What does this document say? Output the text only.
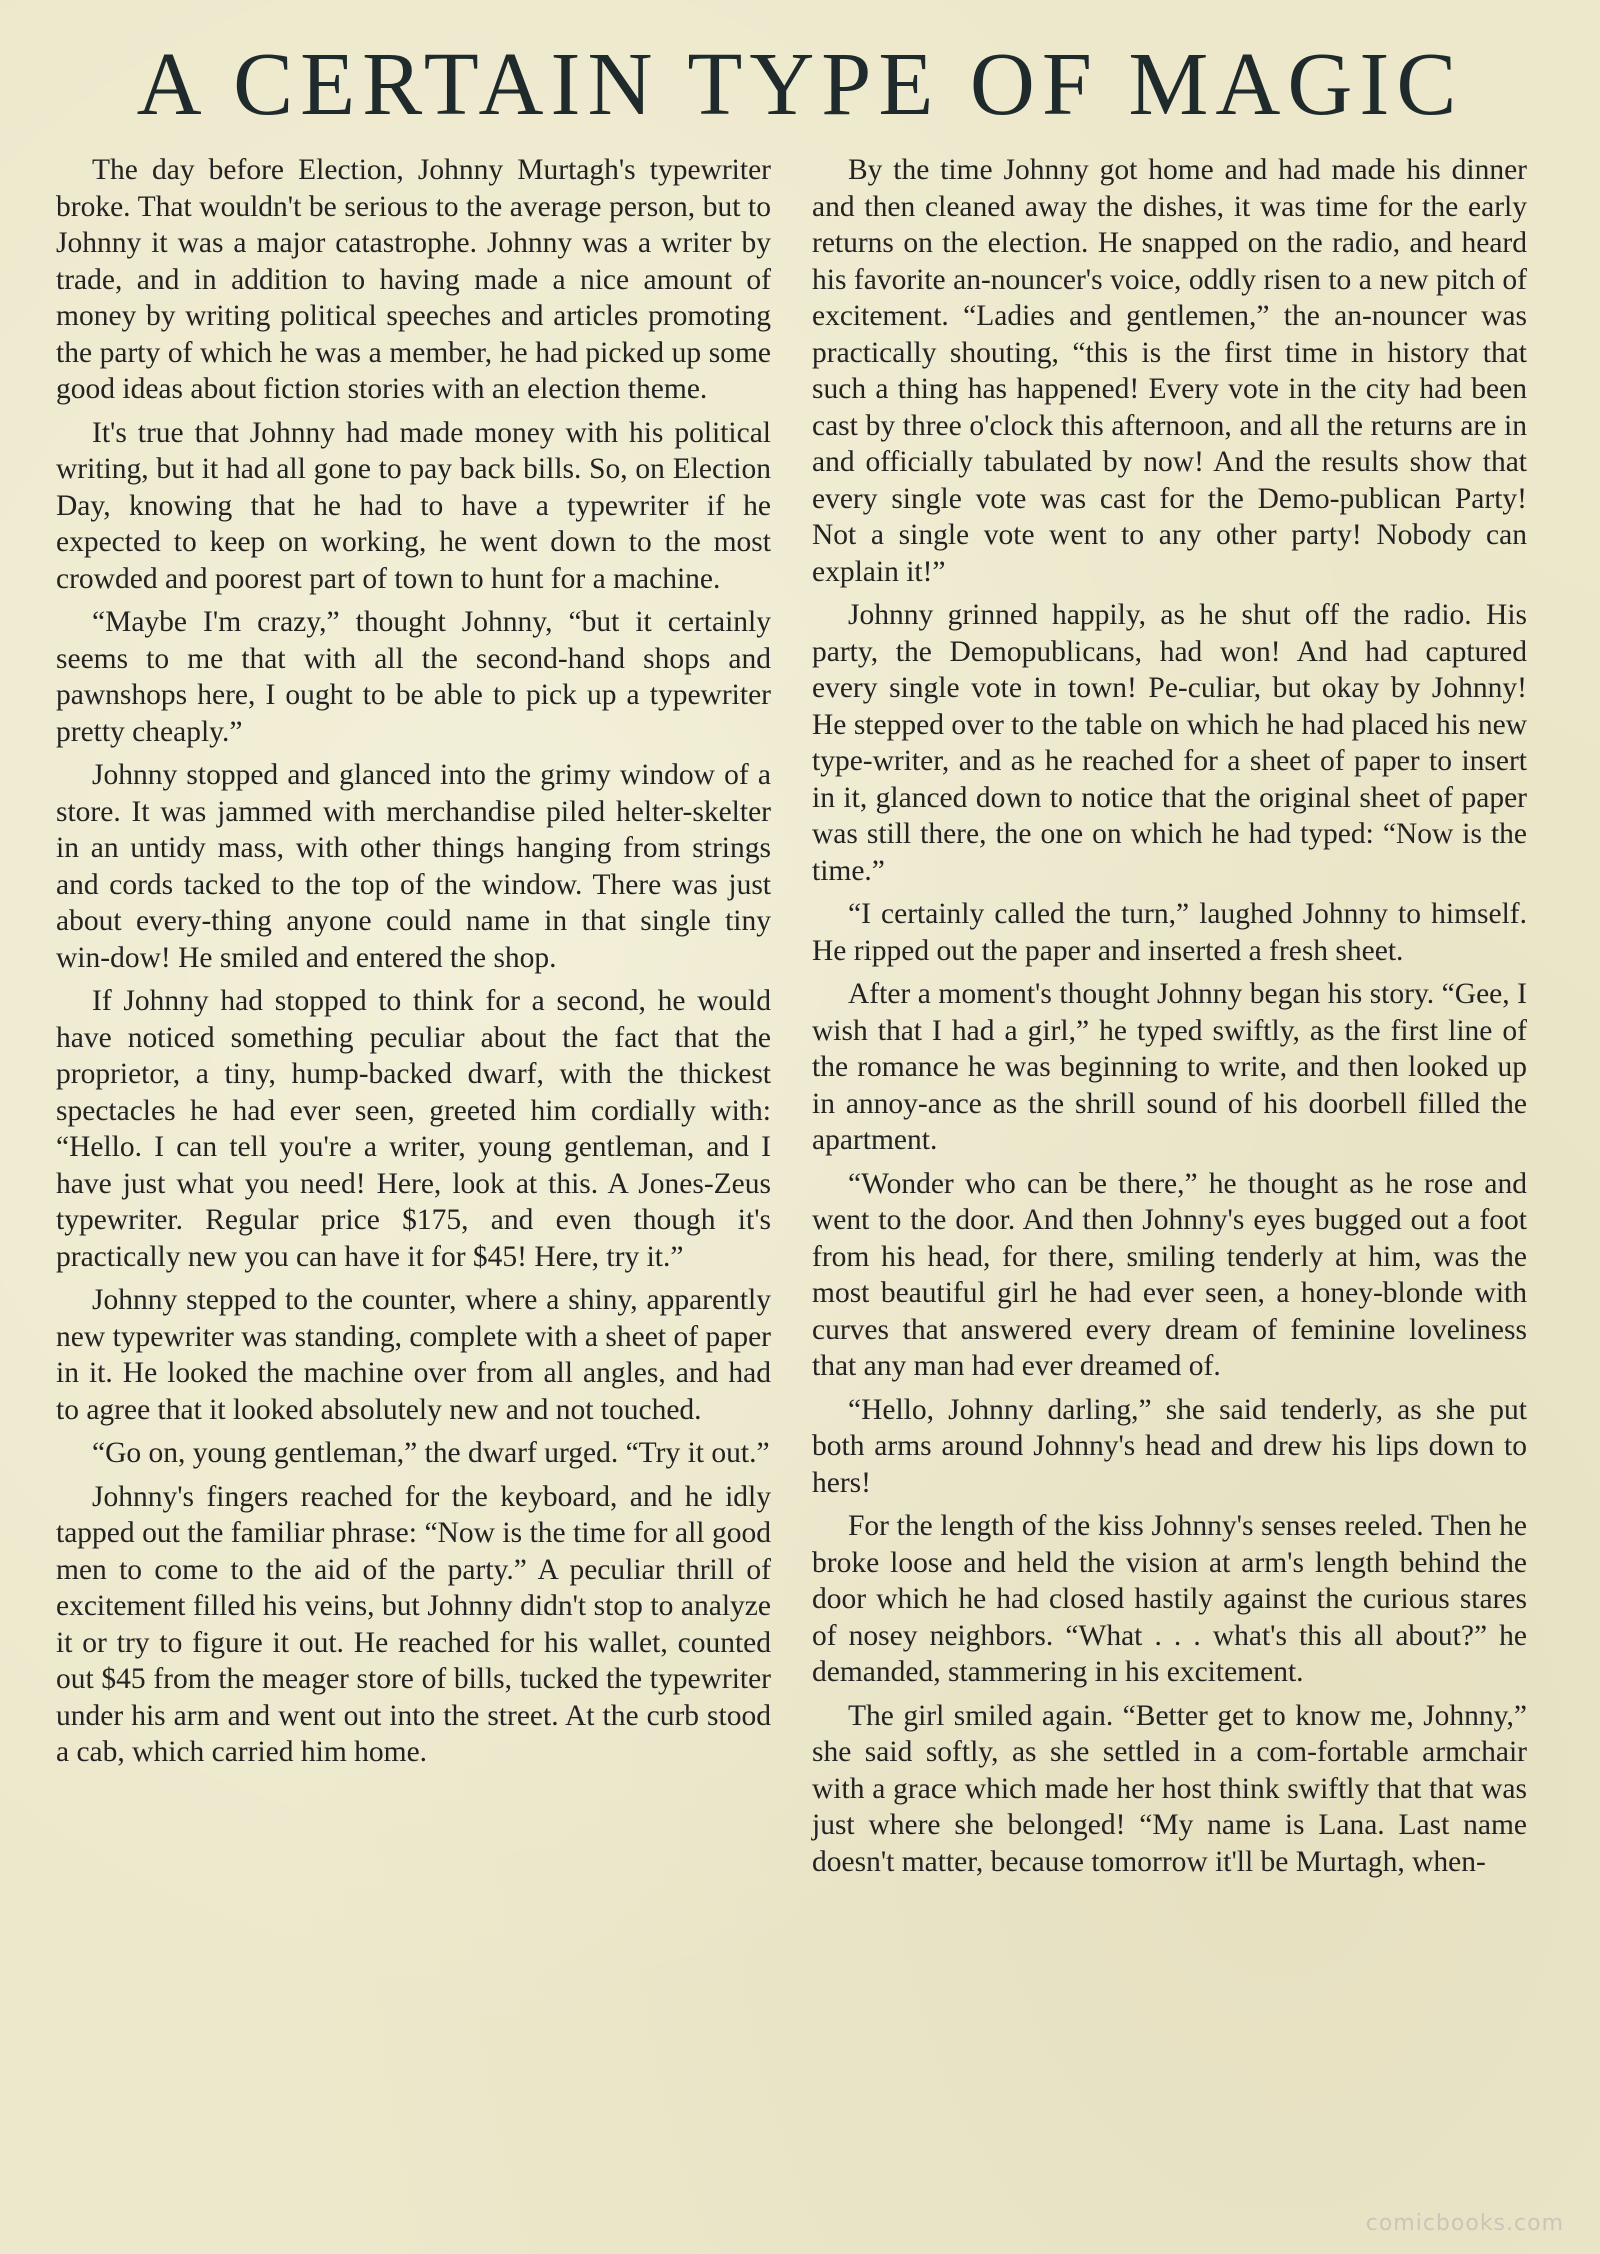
A CERTAIN TYPE OF MAGIC

The day before Election, Johnny Murtagh's typewriter broke. That wouldn't be serious to the average person, but to Johnny it was a major catastrophe. Johnny was a writer by trade, and in addition to having made a nice amount of money by writing political speeches and articles promoting the party of which he was a member, he had picked up some good ideas about fiction stories with an election theme.

It's true that Johnny had made money with his political writing, but it had all gone to pay back bills. So, on Election Day, knowing that he had to have a typewriter if he expected to keep on working, he went down to the most crowded and poorest part of town to hunt for a machine.

“Maybe I'm crazy,” thought Johnny, “but it certainly seems to me that with all the second-hand shops and pawnshops here, I ought to be able to pick up a typewriter pretty cheaply.”

Johnny stopped and glanced into the grimy window of a store. It was jammed with merchandise piled helter-skelter in an untidy mass, with other things hanging from strings and cords tacked to the top of the window. There was just about every-thing anyone could name in that single tiny win-dow! He smiled and entered the shop.

If Johnny had stopped to think for a second, he would have noticed something peculiar about the fact that the proprietor, a tiny, hump-backed dwarf, with the thickest spectacles he had ever seen, greeted him cordially with: “Hello. I can tell you're a writer, young gentleman, and I have just what you need! Here, look at this. A Jones-Zeus typewriter. Regular price $175, and even though it's practically new you can have it for $45! Here, try it.”

Johnny stepped to the counter, where a shiny, apparently new typewriter was standing, complete with a sheet of paper in it. He looked the machine over from all angles, and had to agree that it looked absolutely new and not touched.

“Go on, young gentleman,” the dwarf urged. “Try it out.”

Johnny's fingers reached for the keyboard, and he idly tapped out the familiar phrase: “Now is the time for all good men to come to the aid of the party.” A peculiar thrill of excitement filled his veins, but Johnny didn't stop to analyze it or try to figure it out. He reached for his wallet, counted out $45 from the meager store of bills, tucked the typewriter under his arm and went out into the street. At the curb stood a cab, which carried him home.

By the time Johnny got home and had made his dinner and then cleaned away the dishes, it was time for the early returns on the election. He snapped on the radio, and heard his favorite an-nouncer's voice, oddly risen to a new pitch of excitement. “Ladies and gentlemen,” the an-nouncer was practically shouting, “this is the first time in history that such a thing has happened! Every vote in the city had been cast by three o'clock this afternoon, and all the returns are in and officially tabulated by now! And the results show that every single vote was cast for the Demo-publican Party! Not a single vote went to any other party! Nobody can explain it!”

Johnny grinned happily, as he shut off the radio. His party, the Demopublicans, had won! And had captured every single vote in town! Pe-culiar, but okay by Johnny! He stepped over to the table on which he had placed his new type-writer, and as he reached for a sheet of paper to insert in it, glanced down to notice that the original sheet of paper was still there, the one on which he had typed: “Now is the time.”

“I certainly called the turn,” laughed Johnny to himself. He ripped out the paper and inserted a fresh sheet.

After a moment's thought Johnny began his story. “Gee, I wish that I had a girl,” he typed swiftly, as the first line of the romance he was beginning to write, and then looked up in annoy-ance as the shrill sound of his doorbell filled the apartment.

“Wonder who can be there,” he thought as he rose and went to the door. And then Johnny's eyes bugged out a foot from his head, for there, smiling tenderly at him, was the most beautiful girl he had ever seen, a honey-blonde with curves that answered every dream of feminine loveliness that any man had ever dreamed of.

“Hello, Johnny darling,” she said tenderly, as she put both arms around Johnny's head and drew his lips down to hers!

For the length of the kiss Johnny's senses reeled. Then he broke loose and held the vision at arm's length behind the door which he had closed hastily against the curious stares of nosey neighbors. “What . . . what's this all about?” he demanded, stammering in his excitement.

The girl smiled again. “Better get to know me, Johnny,” she said softly, as she settled in a com-fortable armchair with a grace which made her host think swiftly that that was just where she belonged! “My name is Lana. Last name doesn't matter, because tomorrow it'll be Murtagh, when-

comicbooks.com
